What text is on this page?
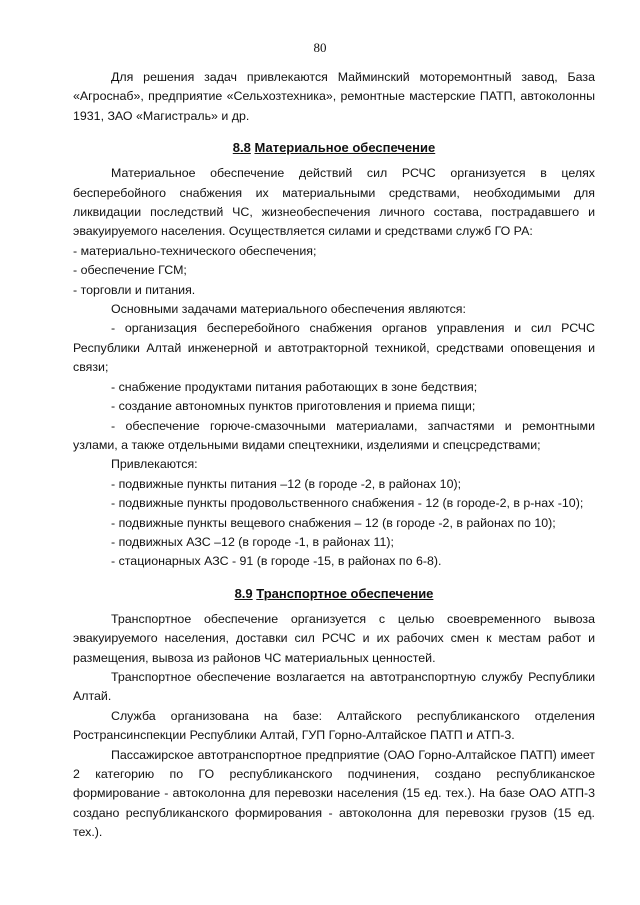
80

Для решения задач привлекаются Майминский моторемонтный завод, База «Агроснаб», предприятие «Сельхозтехника», ремонтные мастерские ПАТП, автоколонны 1931, ЗАО «Магистраль» и др.

8.8 Материальное обеспечение

Материальное обеспечение действий сил РСЧС организуется в целях бесперебойного снабжения их материальными средствами, необходимыми для ликвидации последствий ЧС, жизнеобеспечения личного состава, пострадавшего и эвакуируемого населения. Осуществляется силами и средствами служб ГО РА:

- материально-технического обеспечения;

- обеспечение ГСМ;

- торговли и питания.

Основными задачами материального обеспечения являются:

- организация бесперебойного снабжения органов управления и сил РСЧС Республики Алтай инженерной и автотракторной техникой, средствами оповещения и связи;

- снабжение продуктами питания работающих в зоне бедствия;

- создание автономных пунктов приготовления и приема пищи;

- обеспечение горюче-смазочными материалами, запчастями и ремонтными узлами, а также отдельными видами спецтехники, изделиями и спецсредствами;

Привлекаются:

- подвижные пункты питания –12 (в городе -2, в районах 10);

- подвижные пункты продовольственного снабжения - 12 (в городе-2, в р-нах -10);

- подвижные пункты вещевого снабжения – 12 (в городе -2, в районах по 10);

- подвижных АЗС –12 (в городе -1, в районах 11);

- стационарных АЗС - 91 (в городе -15, в районах по 6-8).

8.9 Транспортное обеспечение

Транспортное обеспечение организуется с целью своевременного вывоза эвакуируемого населения, доставки сил РСЧС и их рабочих смен к местам работ и размещения, вывоза из районов ЧС материальных ценностей.

Транспортное обеспечение возлагается на автотранспортную службу Республики Алтай.

Служба организована на базе: Алтайского республиканского отделения Ространсинспекции Республики Алтай, ГУП Горно-Алтайское ПАТП и АТП-3.

Пассажирское автотранспортное предприятие (ОАО Горно-Алтайское ПАТП) имеет 2 категорию по ГО республиканского подчинения, создано республиканское формирование - автоколонна для перевозки населения (15 ед. тех.). На базе ОАО АТП-3 создано республиканского формирования - автоколонна для перевозки грузов (15 ед. тех.).
